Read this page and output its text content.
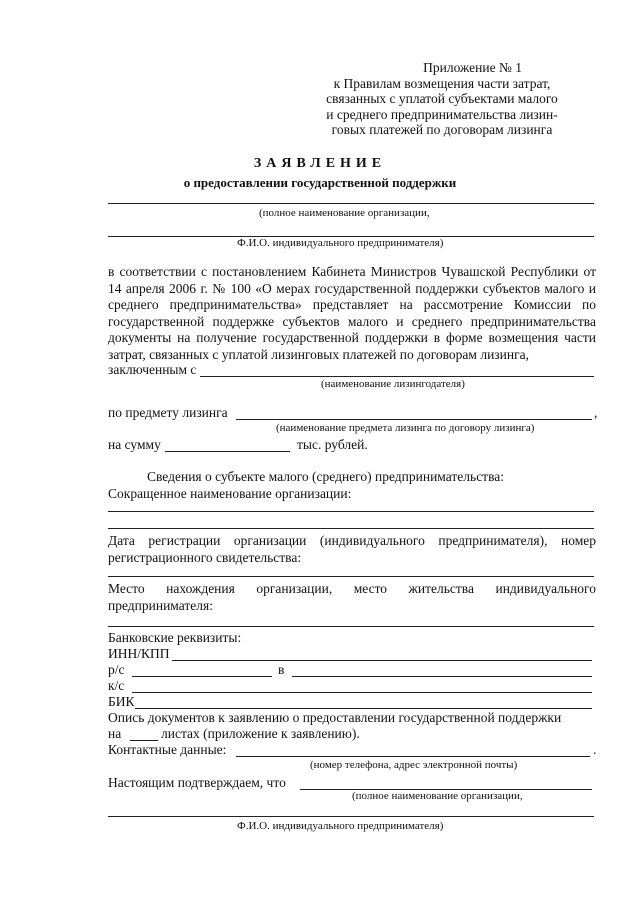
Приложение № 1
к Правилам возмещения части затрат,
связанных с уплатой субъектами малого
и среднего предпринимательства лизин-
говых платежей по договорам лизинга
ЗАЯВЛЕНИЕ
о предоставлении государственной поддержки
(полное наименование организации,
Ф.И.О. индивидуального предпринимателя)
в соответствии с постановлением Кабинета Министров Чувашской Республики от 14 апреля 2006 г. № 100 «О мерах государственной поддержки субъектов малого и среднего предпринимательства» представляет на рассмотрение Комиссии по государственной поддержке субъектов малого и среднего предпринимательства документы на получение государственной поддержки в форме возмещения части затрат, связанных с уплатой лизинговых платежей по договорам лизинга,
заключенным с
(наименование лизингодателя)
по предмету лизинга	,
(наименование предмета лизинга по договору лизинга)
на сумму	тыс. рублей.
Сведения о субъекте малого (среднего) предпринимательства:
Сокращенное наименование организации:
Дата регистрации организации (индивидуального предпринимателя), номер регистрационного свидетельства:
Место нахождения организации, место жительства индивидуального предпринимателя:
Банковские реквизиты:
ИНН/КПП
р/с	в
к/с
БИК
Опись документов к заявлению о предоставлении государственной поддержки
на	листах (приложение к заявлению).
Контактные данные:	.
(номер телефона, адрес электронной почты)
Настоящим подтверждаем, что
(полное наименование организации,
Ф.И.О. индивидуального предпринимателя)
